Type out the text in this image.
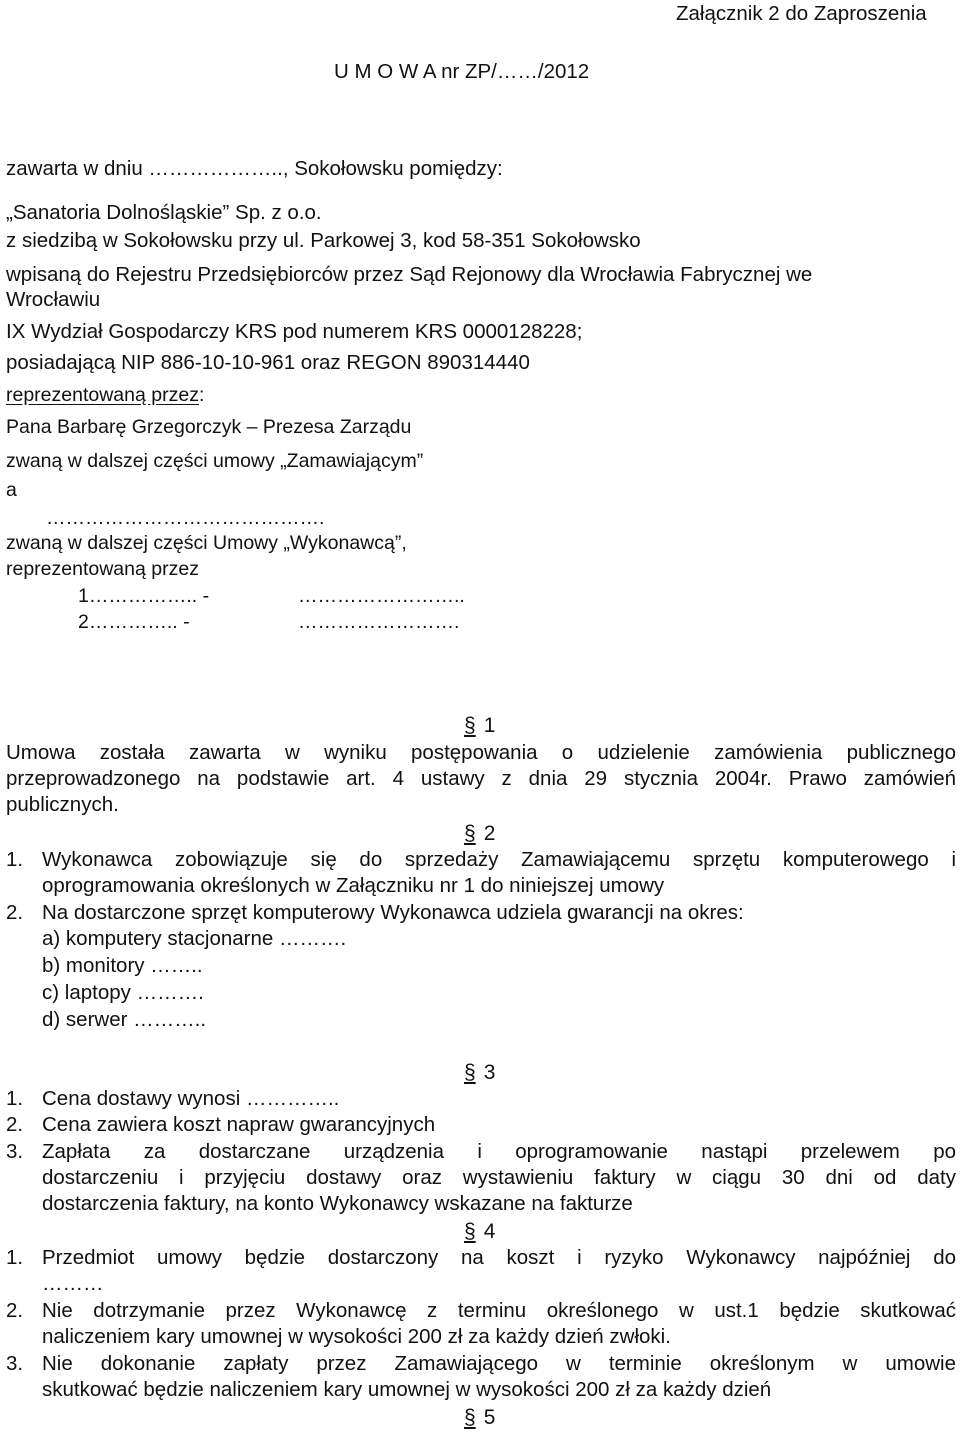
Załącznik 2 do Zaproszenia
U M O W A nr ZP/……/2012
zawarta w dniu ……………….., Sokołowsku pomiędzy:
„Sanatoria Dolnośląskie” Sp. z o.o.
z siedzibą w Sokołowsku przy ul. Parkowej 3, kod 58-351 Sokołowsko
wpisaną do Rejestru Przedsiębiorców przez Sąd Rejonowy dla Wrocławia Fabrycznej we
Wrocławiu
IX Wydział Gospodarczy KRS pod numerem KRS 0000128228;
posiadającą NIP 886-10-10-961 oraz REGON 890314440
reprezentowaną przez:
Pana Barbarę Grzegorczyk – Prezesa Zarządu
zwaną w dalszej części umowy „Zamawiającym”
a
…………………………………….
zwaną w dalszej części Umowy „Wykonawcą”,
reprezentowaną przez
1…………….. -	……………………..
2………….. -	…………………….
§ 1
Umowa została zawarta w wyniku postępowania o udzielenie zamówienia publicznego
przeprowadzonego na podstawie art. 4 ustawy z dnia 29 stycznia 2004r. Prawo zamówień
publicznych.
§ 2
1. Wykonawca zobowiązuje się do sprzedaży Zamawiającemu sprzętu komputerowego i
oprogramowania określonych w Załączniku nr 1 do niniejszej umowy
2. Na dostarczone sprzęt komputerowy Wykonawca udziela gwarancji na okres:
a) komputery stacjonarne ……….
b) monitory ……..
c) laptopy ……….
d) serwer ………..
§ 3
1. Cena dostawy wynosi …………..
2. Cena zawiera koszt napraw gwarancyjnych
3. Zapłata za dostarczane urządzenia i oprogramowanie nastąpi przelewem po
dostarczeniu i przyjęciu dostawy oraz wystawieniu faktury w ciągu 30 dni od daty
dostarczenia faktury, na konto Wykonawcy wskazane na fakturze
§ 4
1. Przedmiot umowy będzie dostarczony na koszt i ryzyko Wykonawcy najpóźniej do
………
2. Nie dotrzymanie przez Wykonawcę z terminu określonego w ust.1 będzie skutkować
naliczeniem kary umownej w wysokości 200 zł za każdy dzień zwłoki.
3. Nie dokonanie zapłaty przez Zamawiającego w terminie określonym w umowie
skutkować będzie naliczeniem kary umownej w wysokości 200 zł za każdy dzień
§ 5
